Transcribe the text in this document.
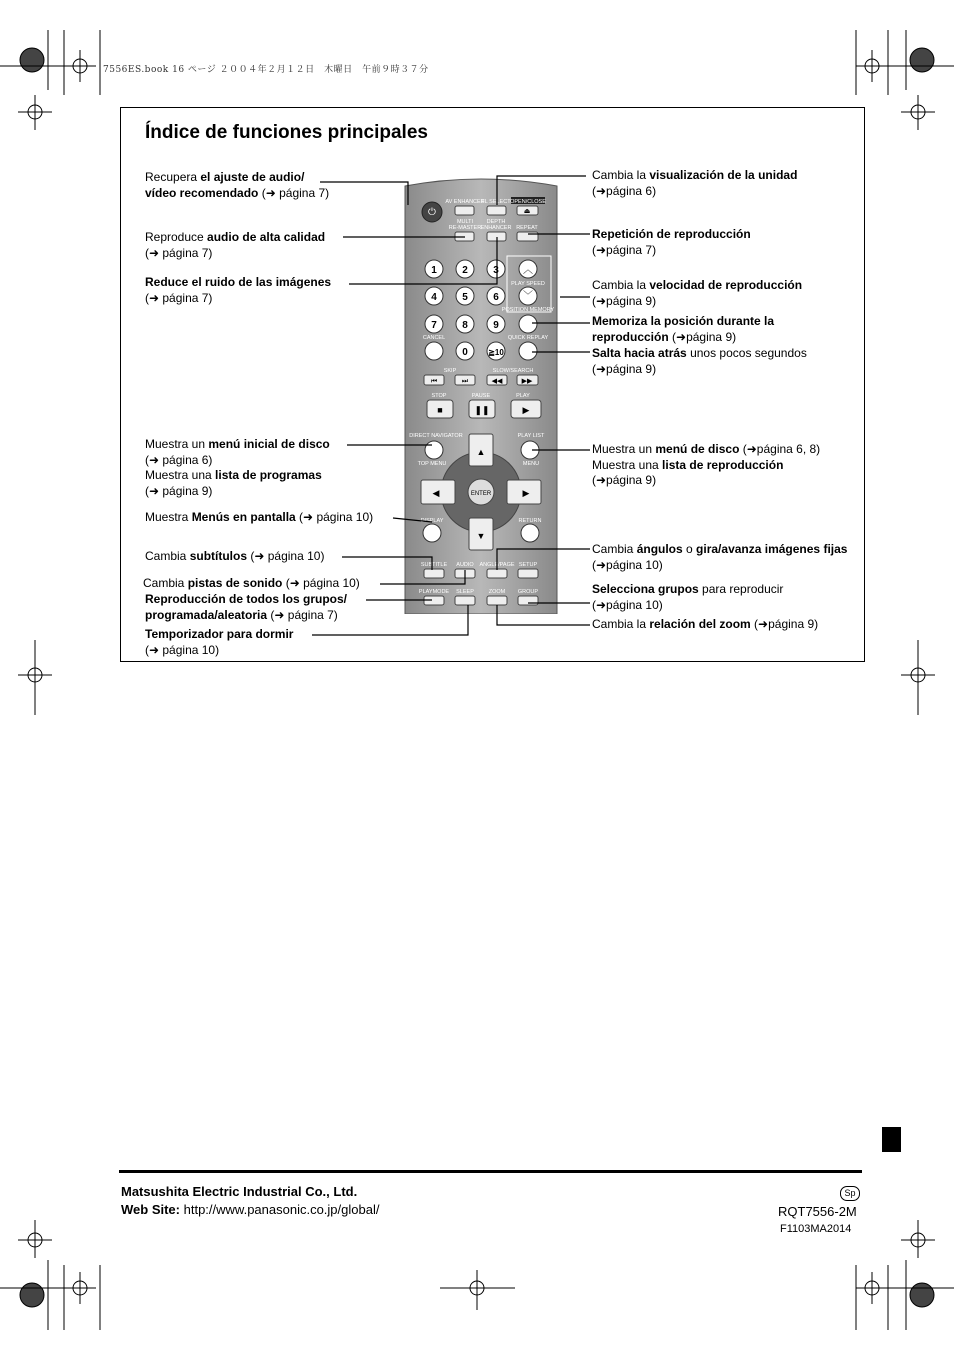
7556ES.book 16 ページ ２００４年２月１２日　木曜日　午前９時３７分
Índice de funciones principales
⏻
AV ENHANCER
FL SELECT OPEN/CLOSE
⏏
MULTI
RE-MASTER
DEPTH
ENHANCER REPEAT
1	2	3
4	5	6
7	8	9
0	≧10
︿
PLAY SPEED
﹀
POSITION MEMORY
CANCEL	QUICK REPLAY
SKIP	SLOW/SEARCH
⏮	⏭	◀◀	▶▶
STOP	PAUSE	PLAY
■	❚❚	▶
DIRECT NAVIGATOR	PLAY LIST
TOP MENU	MENU
▲
▼
◀	▶
ENTER
DISPLAY	RETURN
SUBTITLE AUDIO ANGLE/PAGE SETUP
PLAYMODE SLEEP	ZOOM GROUP
Recupera el ajuste de audio/
vídeo recomendado (➜ página 7)
Reproduce audio de alta calidad
(➜ página 7)
Reduce el ruido de las imágenes
(➜ página 7)
Muestra un menú inicial de disco
(➜ página 6)
Muestra una lista de programas
(➜ página 9)
Muestra Menús en pantalla (➜ página 10)
Cambia subtítulos (➜ página 10)
Cambia pistas de sonido (➜ página 10)
Reproducción de todos los grupos/
programada/aleatoria (➜ página 7)
Temporizador para dormir
(➜ página 10)
Cambia la visualización de la unidad
(➜página 6)
Repetición de reproducción
(➜página 7)
Cambia la velocidad de reproducción
(➜página 9)
Memoriza la posición durante la
reproducción (➜página 9)
Salta hacia atrás unos pocos segundos
(➜página 9)
Muestra un menú de disco (➜página 6, 8)
Muestra una lista de reproducción
(➜página 9)
Cambia ángulos o gira/avanza imágenes fijas
(➜página 10)
Selecciona grupos para reproducir
(➜página 10)
Cambia la relación del zoom (➜página 9)
Matsushita Electric Industrial Co., Ltd.
Web Site: http://www.panasonic.co.jp/global/
Sp
RQT7556-2M
F1103MA2014
